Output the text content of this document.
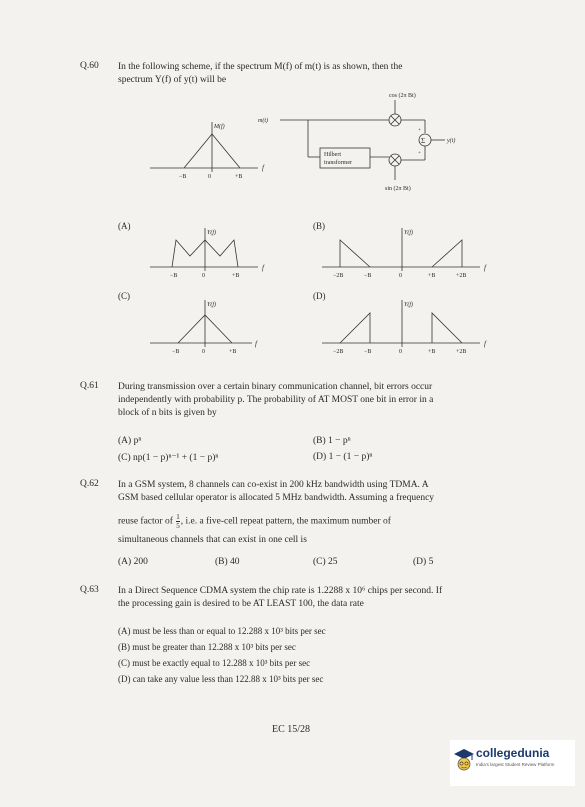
Q.60 In the following scheme, if the spectrum M(f) of m(t) is as shown, then the
spectrum Y(f) of y(t) will be
cos (2π Bt)
sin (2π Bt)
m(t)
y(t)
Hilbert
transformer
Σ
+
+
M(f)
−B	0	+B
f
(A)
Y(f)
−B	0	+B
f
(B)
Y(f)
−2B	−B	0	+B	+2B
f
(C)
Y(f)
−B	0	+B
f
(D)
Y(f)
−2B	−B	0	+B	+2B
f
Q.61 During transmission over a certain binary communication channel, bit errors occur
independently with probability p. The probability of AT MOST one bit in error in a
block of n bits is given by
(A) pⁿ	(B) 1 − pⁿ
(C) np(1 − p)ⁿ⁻¹ + (1 − p)ⁿ	(D) 1 − (1 − p)ⁿ
Q.62 In a GSM system, 8 channels can co-exist in 200 kHz bandwidth using TDMA. A
GSM based cellular operator is allocated 5 MHz bandwidth. Assuming a frequency
reuse factor of $\frac{1}{5}$ , i.e. a five-cell repeat pattern, the maximum number of
simultaneous channels that can exist in one cell is
(A) 200	(B) 40	(C) 25	(D) 5
Q.63 In a Direct Sequence CDMA system the chip rate is 1.2288 x 10⁶ chips per second. If
the processing gain is desired to be AT LEAST 100, the data rate
(A) must be less than or equal to 12.288 x 10³ bits per sec
(B) must be greater than 12.288 x 10³ bits per sec
(C) must be exactly equal to 12.288 x 10³ bits per sec
(D) can take any value less than 122.88 x 10³ bits per sec
EC 15/28
collegedunia
India's largest Student Review Platform
